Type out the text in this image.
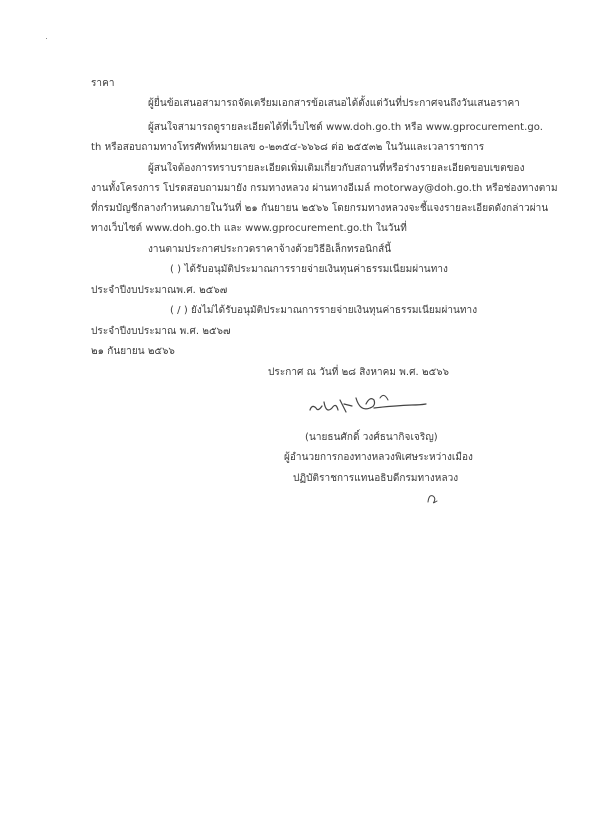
ราคา
ผู้ยื่นข้อเสนอสามารถจัดเตรียมเอกสารข้อเสนอได้ตั้งแต่วันที่ประกาศจนถึงวันเสนอราคา
ผู้สนใจสามารถดูรายละเอียดได้ที่เว็บไซต์ www.doh.go.th หรือ www.gprocurement.go.
th หรือสอบถามทางโทรศัพท์หมายเลข ๐-๒๓๕๔-๖๖๖๘ ต่อ ๒๕๕๓๒ ในวันและเวลาราชการ
ผู้สนใจต้องการทราบรายละเอียดเพิ่มเติมเกี่ยวกับสถานที่หรือร่างรายละเอียดขอบเขตของ
งานทั้งโครงการ โปรดสอบถามมายัง กรมทางหลวง ผ่านทางอีเมล์ motorway@doh.go.th หรือช่องทางตาม
ที่กรมบัญชีกลางกำหนดภายในวันที่ ๒๑ กันยายน ๒๕๖๖ โดยกรมทางหลวงจะชี้แจงรายละเอียดดังกล่าวผ่าน
ทางเว็บไซต์ www.doh.go.th และ www.gprocurement.go.th ในวันที่
งานตามประกาศประกวดราคาจ้างด้วยวิธีอิเล็กทรอนิกส์นี้
( ) ได้รับอนุมัติประมาณการรายจ่ายเงินทุนค่าธรรมเนียมผ่านทาง
ประจำปีงบประมาณพ.ศ. ๒๕๖๗
( / ) ยังไม่ได้รับอนุมัติประมาณการรายจ่ายเงินทุนค่าธรรมเนียมผ่านทาง
ประจำปีงบประมาณ พ.ศ. ๒๕๖๗
๒๑ กันยายน ๒๕๖๖
ประกาศ ณ วันที่ ๒๘ สิงหาคม พ.ศ. ๒๕๖๖
(นายธนศักดิ์ วงศ์ธนากิจเจริญ)
ผู้อำนวยการกองทางหลวงพิเศษระหว่างเมือง
ปฏิบัติราชการแทนอธิบดีกรมทางหลวง
